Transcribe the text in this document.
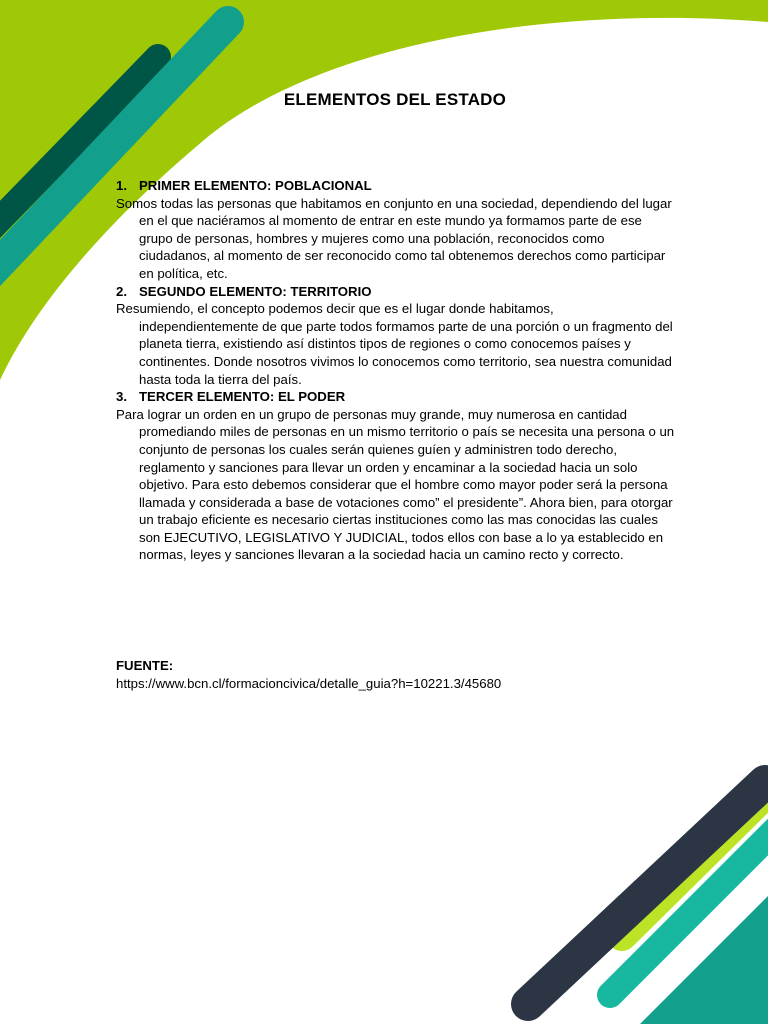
ELEMENTOS DEL ESTADO

1. PRIMER ELEMENTO: POBLACIONAL

Somos todas las personas que habitamos en conjunto en una sociedad, dependiendo del lugar en el que naciéramos al momento de entrar en este mundo ya formamos parte de ese grupo de personas, hombres y mujeres como una población, reconocidos como ciudadanos, al momento de ser reconocido como tal obtenemos derechos como participar en política, etc.

2. SEGUNDO ELEMENTO: TERRITORIO

Resumiendo, el concepto podemos decir que es el lugar donde habitamos, independientemente de que parte todos formamos parte de una porción o un fragmento del planeta tierra, existiendo así distintos tipos de regiones o como conocemos países y continentes. Donde nosotros vivimos lo conocemos como territorio, sea nuestra comunidad hasta toda la tierra del país.

3. TERCER ELEMENTO: EL PODER

Para lograr un orden en un grupo de personas muy grande, muy numerosa en cantidad promediando miles de personas en un mismo territorio o país se necesita una persona o un conjunto de personas los cuales serán quienes guíen y administren todo derecho, reglamento y sanciones para llevar un orden y encaminar a la sociedad hacia un solo objetivo. Para esto debemos considerar que el hombre como mayor poder será la persona llamada y considerada a base de votaciones como” el presidente”. Ahora bien, para otorgar un trabajo eficiente es necesario ciertas instituciones como las mas conocidas las cuales son EJECUTIVO, LEGISLATIVO Y JUDICIAL, todos ellos con base a lo ya establecido en normas, leyes y sanciones llevaran a la sociedad hacia un camino recto y correcto.

FUENTE:
https://www.bcn.cl/formacioncivica/detalle_guia?h=10221.3/45680
